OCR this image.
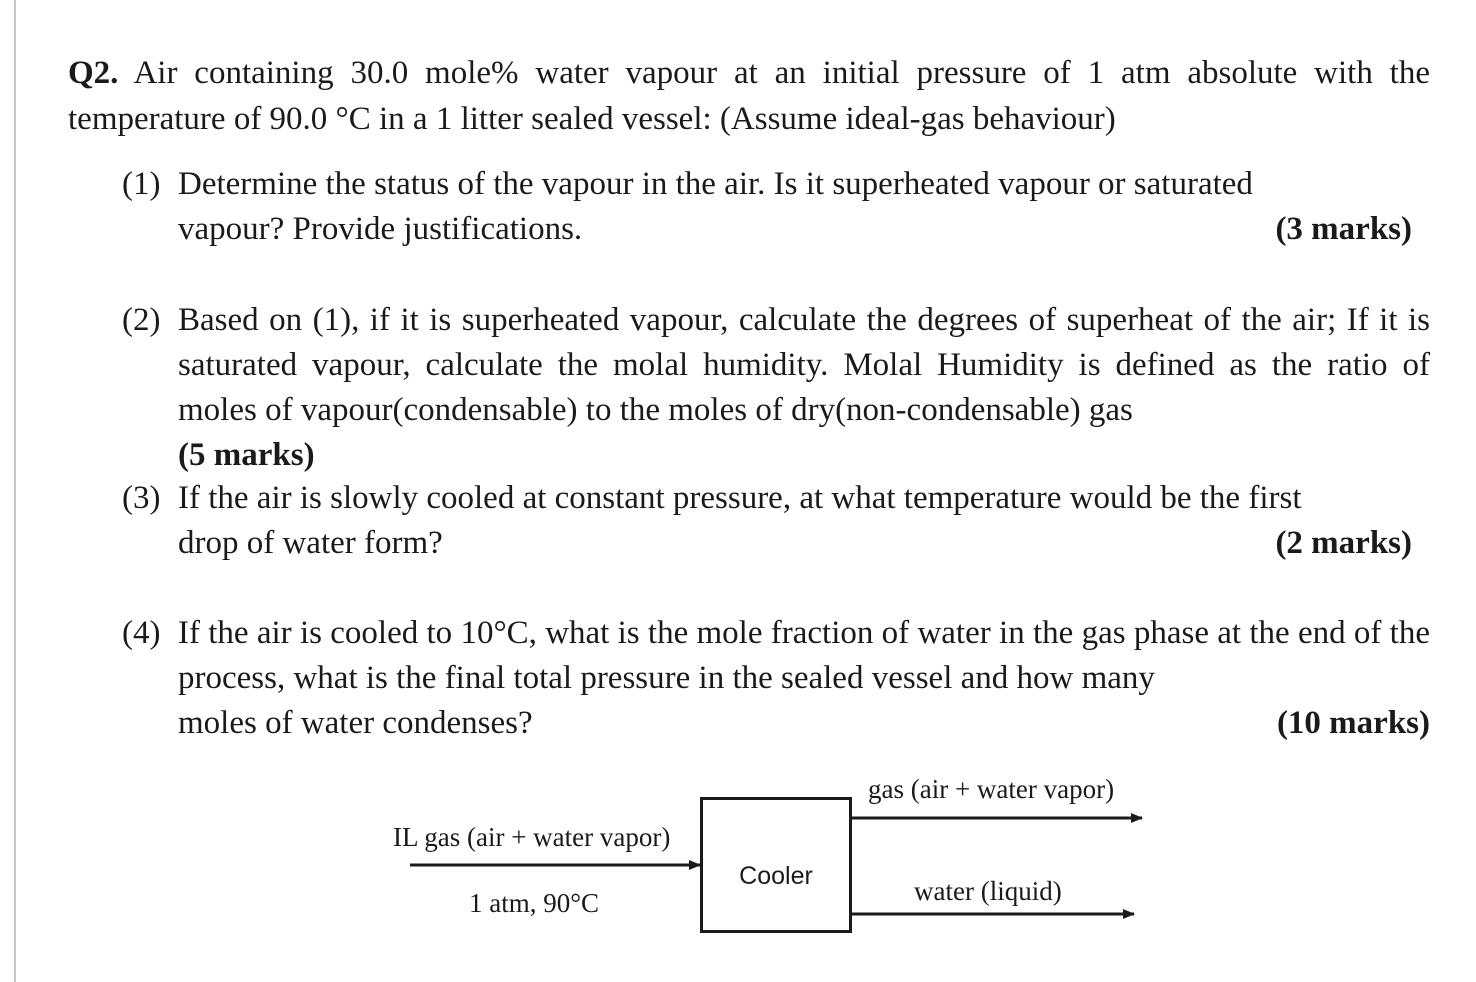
Q2. Air containing 30.0 mole% water vapour at an initial pressure of 1 atm absolute with the temperature of 90.0 °C in a 1 litter sealed vessel: (Assume ideal-gas behaviour)
(1) Determine the status of the vapour in the air. Is it superheated vapour or saturated
vapour? Provide justifications.	(3 marks)
(2) Based on (1), if it is superheated vapour, calculate the degrees of superheat of the air; If it is saturated vapour, calculate the molal humidity. Molal Humidity is defined as the ratio of moles of vapour(condensable) to the moles of dry(non-condensable) gas
(5 marks)
(3) If the air is slowly cooled at constant pressure, at what temperature would be the first
drop of water form?	(2 marks)
(4) If the air is cooled to 10°C, what is the mole fraction of water in the gas phase at the end of the process, what is the final total pressure in the sealed vessel and how many
moles of water condenses?	(10 marks)
IL gas (air + water vapor)
1 atm, 90°C
Cooler
gas (air + water vapor)
water (liquid)
